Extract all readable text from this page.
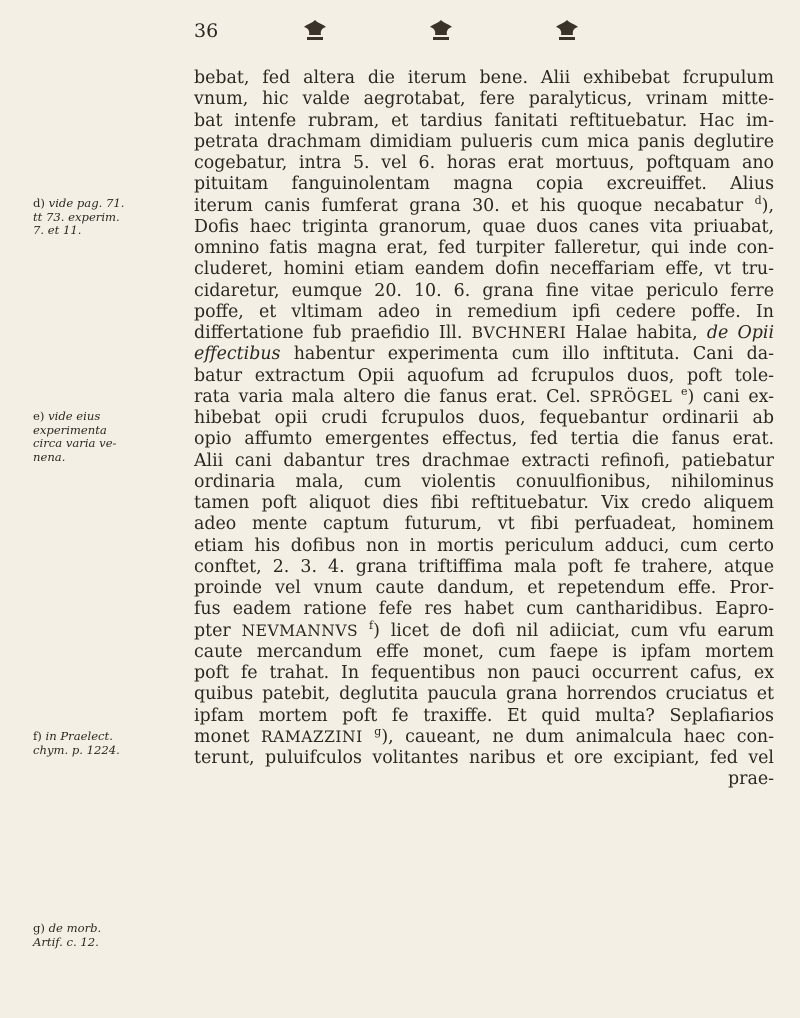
36
bebat, fed altera die iterum bene. Alii exhibebat fcrupulum
vnum, hic valde aegrotabat, fere paralyticus, vrinam mitte-
bat intenfe rubram, et tardius fanitati reftituebatur. Hac im-
petrata drachmam dimidiam pulueris cum mica panis deglutire
cogebatur, intra 5. vel 6. horas erat mortuus, poftquam ano
pituitam fanguinolentam magna copia excreuiffet. Alius
iterum canis fumferat grana 30. et his quoque necabatur $^d$),
Dofis haec triginta granorum, quae duos canes vita priuabat,
omnino fatis magna erat, fed turpiter falleretur, qui inde con-
cluderet, homini etiam eandem dofin neceffariam effe, vt tru-
cidaretur, eumque 20. 10. 6. grana fine vitae periculo ferre
poffe, et vltimam adeo in remedium ipfi cedere poffe. In
differtatione fub praefidio Ill. BVCHNERI Halae habita, de Opii
effectibus habentur experimenta cum illo inftituta. Cani da-
batur extractum Opii aquofum ad fcrupulos duos, poft tole-
rata varia mala altero die fanus erat. Cel. SPRÖGEL $^e$) cani ex-
hibebat opii crudi fcrupulos duos, fequebantur ordinarii ab
opio affumto emergentes effectus, fed tertia die fanus erat.
Alii cani dabantur tres drachmae extracti refinofi, patiebatur
ordinaria mala, cum violentis conuulfionibus, nihilominus
tamen poft aliquot dies fibi reftituebatur. Vix credo aliquem
adeo mente captum futurum, vt fibi perfuadeat, hominem
etiam his dofibus non in mortis periculum adduci, cum certo
conftet, 2. 3. 4. grana triftiffima mala poft fe trahere, atque
proinde vel vnum caute dandum, et repetendum effe. Pror-
fus eadem ratione fefe res habet cum cantharidibus. Eapro-
pter NEVMANNVS $^f$) licet de dofi nil adiiciat, cum vfu earum
caute mercandum effe monet, cum faepe is ipfam mortem
poft fe trahat. In fequentibus non pauci occurrent cafus, ex
quibus patebit, deglutita paucula grana horrendos cruciatus et
ipfam mortem poft fe traxiffe. Et quid multa? Seplafiarios
monet RAMAZZINI $^g$), caueant, ne dum animalcula haec con-
terunt, puluifculos volitantes naribus et ore excipiant, fed vel
prae-
d) vide pag. 71.
tt 73. experim.
7. et 11.
e) vide eius
experimenta
circa varia ve-
nena.
f) in Praelect.
chym. p. 1224.
g) de morb.
Artif. c. 12.
